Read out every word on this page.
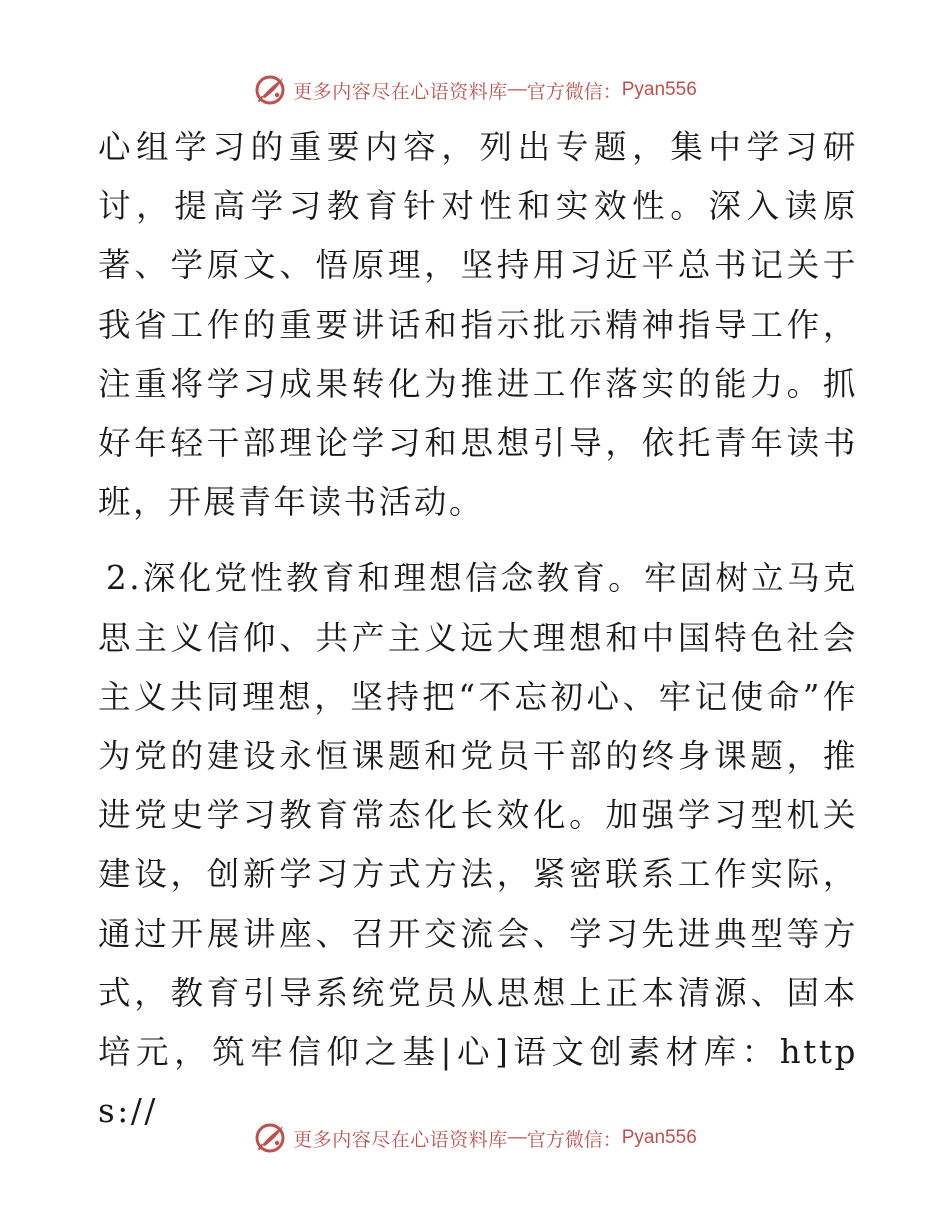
更多内容尽在心语资料库 — 官方微信： Pyan556

心组学习的重要内容，列出专题，集中学习研讨，提高学习教育针对性和实效性。深入读原著、学原文、悟原理，坚持用习近平总书记关于我省工作的重要讲话和指示批示精神指导工作，注重将学习成果转化为推进工作落实的能力。抓好年轻干部理论学习和思想引导，依托青年读书班，开展青年读书活动。

2.深化党性教育和理想信念教育。牢固树立马克思主义信仰、共产主义远大理想和中国特色社会主义共同理想，坚持把“不忘初心、牢记使命”作为党的建设永恒课题和党员干部的终身课题，推进党史学习教育常态化长效化。加强学习型机关建设，创新学习方式方法，紧密联系工作实际，通过开展讲座、召开交流会、学习先进典型等方式，教育引导系统党员从思想上正本清源、固本培元，筑牢信仰之基|心]语文创素材库：https://

更多内容尽在心语资料库 — 官方微信： Pyan556
